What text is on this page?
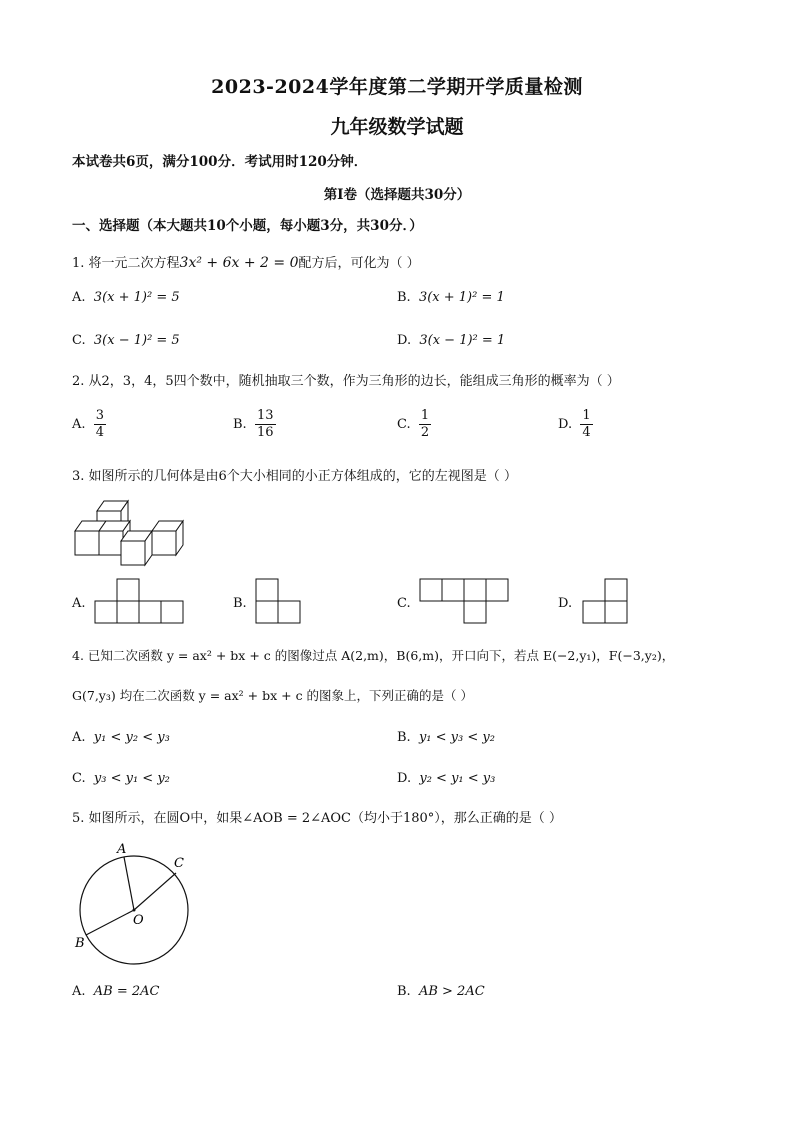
2023-2024学年度第二学期开学质量检测
九年级数学试题
本试卷共6页，满分100分．考试用时120分钟．
第Ⅰ卷（选择题共30分）
一、选择题（本大题共10个小题，每小题3分，共30分．）
1. 将一元二次方程3x² + 6x + 2 = 0配方后，可化为（ ）
A. 3(x + 1)² = 5	B. 3(x + 1)² = 1
C. 3(x − 1)² = 5	D. 3(x − 1)² = 1
2. 从2，3，4，5四个数中，随机抽取三个数，作为三角形的边长，能组成三角形的概率为（ ）
A. $\frac{3}{4}$	B. $\frac{13}{16}$	C. $\frac{1}{2}$	D. $\frac{1}{4}$
3. 如图所示的几何体是由6个大小相同的小正方体组成的，它的左视图是（ ）
A.	B.	C.	D.
4. 已知二次函数 y = ax² + bx + c 的图像过点 A(2,m)，B(6,m)，开口向下，若点 E(−2,y₁)，F(−3,y₂)，
G(7,y₃) 均在二次函数 y = ax² + bx + c 的图象上，下列正确的是（ ）
A. y₁ < y₂ < y₃	B. y₁ < y₃ < y₂
C. y₃ < y₁ < y₂	D. y₂ < y₁ < y₃
5. 如图所示，在圆O中，如果∠AOB = 2∠AOC（均小于180°），那么正确的是（ ）
A
C
B
O
A. AB = 2AC	B. AB > 2AC
